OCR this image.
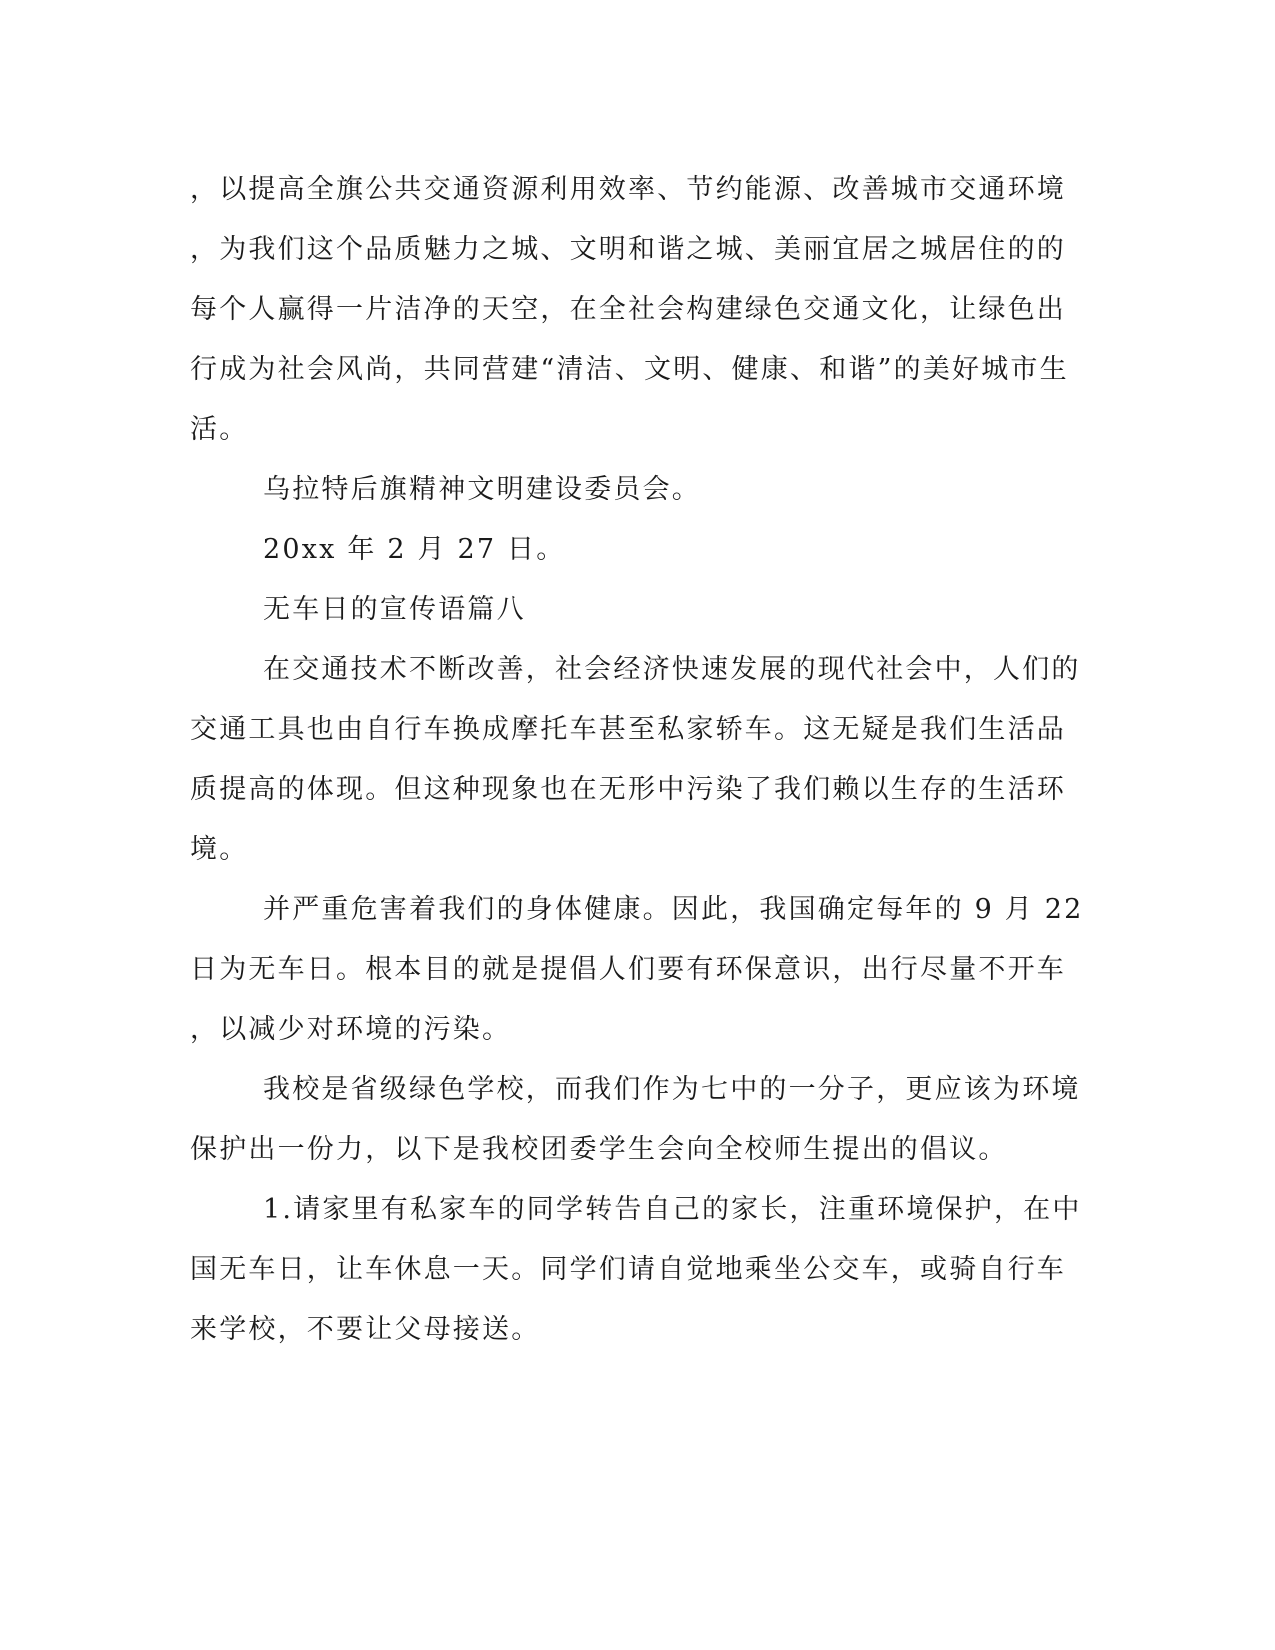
，以提高全旗公共交通资源利用效率、节约能源、改善城市交通环境
，为我们这个品质魅力之城、文明和谐之城、美丽宜居之城居住的的
每个人赢得一片洁净的天空，在全社会构建绿色交通文化，让绿色出
行成为社会风尚，共同营建“清洁、文明、健康、和谐”的美好城市生
活。
乌拉特后旗精神文明建设委员会。
20xx 年 2 月 27 日。
无车日的宣传语篇八
在交通技术不断改善，社会经济快速发展的现代社会中，人们的
交通工具也由自行车换成摩托车甚至私家轿车。这无疑是我们生活品
质提高的体现。但这种现象也在无形中污染了我们赖以生存的生活环
境。
并严重危害着我们的身体健康。因此，我国确定每年的 9 月 22
日为无车日。根本目的就是提倡人们要有环保意识，出行尽量不开车
，以减少对环境的污染。
我校是省级绿色学校，而我们作为七中的一分子，更应该为环境
保护出一份力，以下是我校团委学生会向全校师生提出的倡议。
1.请家里有私家车的同学转告自己的家长，注重环境保护，在中
国无车日，让车休息一天。同学们请自觉地乘坐公交车，或骑自行车
来学校，不要让父母接送。
